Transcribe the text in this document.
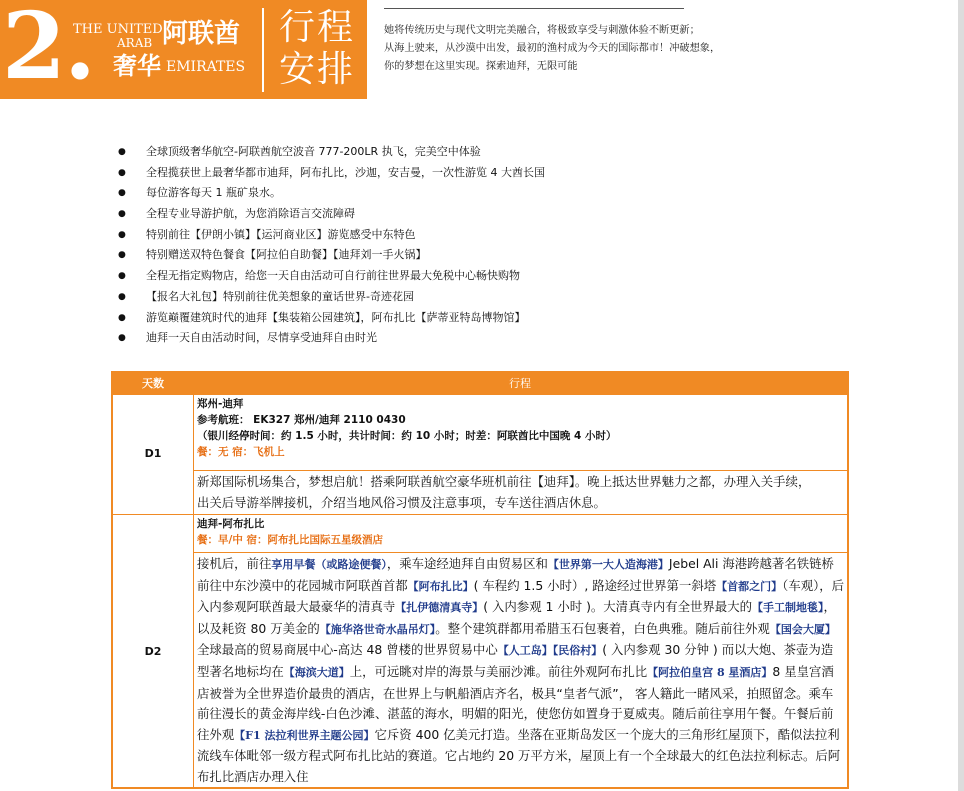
2.
THE UNITED 阿联酋
ARAB
奢华 EMIRATES
行程
安排
她将传统历史与现代文明完美融合，将极致享受与刺激体验不断更新；
从海上驶来，从沙漠中出发，最初的渔村成为今天的国际都市！冲破想象，
你的梦想在这里实现。探索迪拜，无限可能
● 全球顶级奢华航空-阿联酋航空波音 777-200LR 执飞，完美空中体验
● 全程揽获世上最奢华都市迪拜，阿布扎比，沙迦，安吉曼，一次性游览 4 大酋长国
● 每位游客每天 1 瓶矿泉水。
● 全程专业导游护航，为您消除语言交流障碍
● 特别前往【伊朗小镇】【运河商业区】游览感受中东特色
● 特别赠送双特色餐食【阿拉伯自助餐】【迪拜刘一手火锅】
● 全程无指定购物店，给您一天自由活动可自行前往世界最大免税中心畅快购物
● 【报名大礼包】特别前往优美想象的童话世界-奇迹花园
● 游览巅覆建筑时代的迪拜【集装箱公园建筑】，阿布扎比【萨蒂亚特岛博物馆】
● 迪拜一天自由活动时间，尽情享受迪拜自由时光
天数	行程
D1
郑州-迪拜
参考航班： EK327 郑州/迪拜 2110 0430
（银川经停时间：约 1.5 小时，共计时间：约 10 小时；时差：阿联酋比中国晚 4 小时）
餐：无 宿：飞机上
新郑国际机场集合，梦想启航！搭乘阿联酋航空豪华班机前往【迪拜】。晚上抵达世界魅力之都，办理入关手续，
出关后导游举牌接机，介绍当地风俗习惯及注意事项，专车送往酒店休息。
D2
迪拜-阿布扎比
餐：早/中 宿：阿布扎比国际五星级酒店
接机后，前往享用早餐（或路途便餐），乘车途经迪拜自由贸易区和【世界第一大人造海港】Jebel Ali 海港跨越著名铁链桥前往中东沙漠中的花园城市阿联酋首都【阿布扎比】( 车程约 1.5 小时）, 路途经过世界第一斜塔【首都之门】（车观），后入内参观阿联酋最大最豪华的清真寺【扎伊德清真寺】( 入内参观 1 小时 )。大清真寺内有全世界最大的【手工制地毯】，以及耗资 80 万美金的【施华洛世奇水晶吊灯】。整个建筑群都用希腊玉石包裹着，白色典雅。随后前往外观【国会大厦】全球最高的贸易商展中心-高达 48 曾楼的世界贸易中心【人工岛】【民俗村】( 入内参观 30 分钟 ) 而以大炮、茶壶为造型著名地标均在【海滨大道】上，可远眺对岸的海景与美丽沙滩。前往外观阿布扎比【阿拉伯皇宫 8 星酒店】8 星皇宫酒店被誉为全世界造价最贵的酒店，在世界上与帆船酒店齐名，极具“皇者气派”， 客人籍此一睹风采，拍照留念。乘车前往漫长的黄金海岸线-白色沙滩、湛蓝的海水，明媚的阳光，使您仿如置身于夏威夷。随后前往享用午餐。午餐后前往外观【F1 法拉利世界主题公园】它斥资 400 亿美元打造。坐落在亚斯岛发区一个庞大的三角形红屋顶下，酷似法拉利流线车体毗邻一级方程式阿布扎比站的赛道。它占地约 20 万平方米，屋顶上有一个全球最大的红色法拉利标志。后阿布扎比酒店办理入住
